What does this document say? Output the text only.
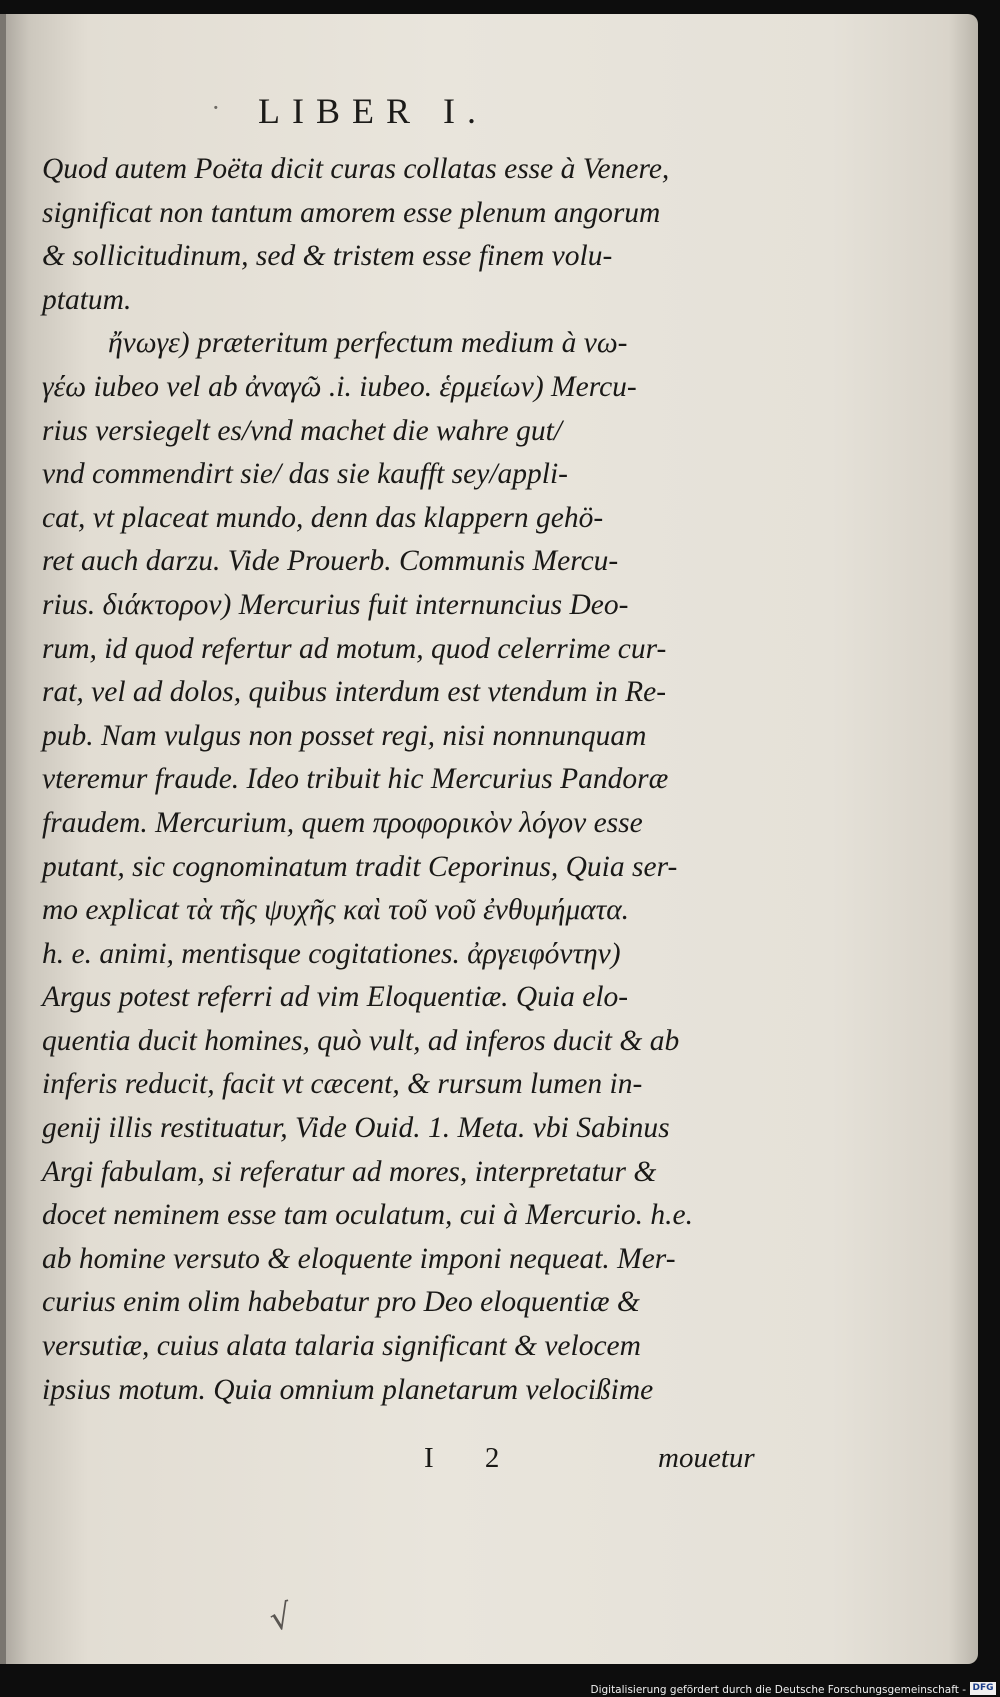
· LIBER I.
Quod autem Poëta dicit curas collatas esse à Venere,
significat non tantum amorem esse plenum angorum
& sollicitudinum, sed & tristem esse finem volu-
ptatum.
ἤνωγε) præteritum perfectum medium à νω-
γέω iubeo vel ab ἀναγῶ .i. iubeo. ἑρμείων) Mercu-
rius versiegelt es/vnd machet die wahre gut/
vnd commendirt sie/ das sie kaufft sey/appli-
cat, vt placeat mundo, denn das klappern gehö-
ret auch darzu. Vide Prouerb. Communis Mercu-
rius. διάκτορον) Mercurius fuit internuncius Deo-
rum, id quod refertur ad motum, quod celerrime cur-
rat, vel ad dolos, quibus interdum est vtendum in Re-
pub. Nam vulgus non posset regi, nisi nonnunquam
vteremur fraude. Ideo tribuit hic Mercurius Pandoræ
fraudem. Mercurium, quem προφορικὸν λόγον esse
putant, sic cognominatum tradit Ceporinus, Quia ser-
mo explicat τὰ τῆς ψυχῆς καὶ τοῦ νοῦ ἐνθυμήματα.
h. e. animi, mentisque cogitationes. ἀργειφόντην)
Argus potest referri ad vim Eloquentiæ. Quia elo-
quentia ducit homines, quò vult, ad inferos ducit & ab
inferis reducit, facit vt cæcent, & rursum lumen in-
genij illis restituatur, Vide Ouid. 1. Meta. vbi Sabinus
Argi fabulam, si referatur ad mores, interpretatur &
docet neminem esse tam oculatum, cui à Mercurio. h.e.
ab homine versuto & eloquente imponi nequeat. Mer-
curius enim olim habebatur pro Deo eloquentiæ &
versutiæ, cuius alata talaria significant & velocem
ipsius motum. Quia omnium planetarum velocißime
I 2	mouetur
√
Digitalisierung gefördert durch die Deutsche Forschungsgemeinschaft - DFG
